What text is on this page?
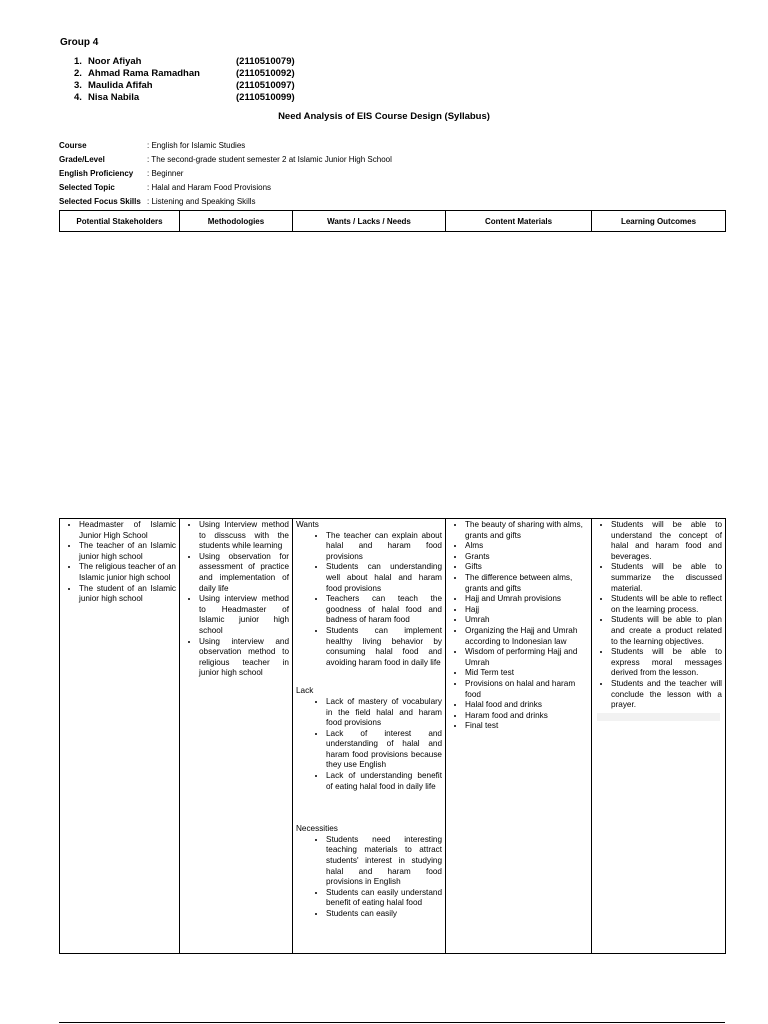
Group 4
1. Noor Afiyah	(2110510079)
2. Ahmad Rama Ramadhan	(2110510092)
3. Maulida Afifah	(2110510097)
4. Nisa Nabila	(2110510099)
Need Analysis of EIS Course Design (Syllabus)
Course	: English for Islamic Studies
Grade/Level	: The second-grade student semester 2 at Islamic Junior High School
English Proficiency	: Beginner
Selected Topic	: Halal and Haram Food Provisions
Selected Focus Skills : Listening and Speaking Skills
Potential Stakeholders	Methodologies	Wants / Lacks / Needs	Content Materials	Learning Outcomes
• Headmaster of Islamic Junior High School
• The teacher of an Islamic junior high school
• The religious teacher of an Islamic junior high school
• The student of an Islamic junior high school

• Using Interview method to disscuss with the students while learning
• Using observation for assessment of practice and implementation of daily life
• Using interview method to Headmaster of Islamic junior high school
• Using interview and observation method to religious teacher in junior high school

Wants
• The teacher can explain about halal and haram food provisions
• Students can understanding well about halal and haram food provisions
• Teachers can teach the goodness of halal food and badness of haram food
• Students can implement healthy living behavior by consuming halal food and avoiding haram food in daily life
Lack
• Lack of mastery of vocabulary in the field halal and haram food provisions
• Lack of interest and understanding of halal and haram food provisions because they use English
• Lack of understanding benefit of eating halal food in daily life
Necessities
• Students need interesting teaching materials to attract students' interest in studying halal and haram food provisions in English
• Students can easily understand benefit of eating halal food
• Students can easily

• The beauty of sharing with alms, grants and gifts
• Alms
• Grants
• Gifts
• The difference between alms, grants and gifts
• Hajj and Umrah provisions
• Hajj
• Umrah
• Organizing the Hajj and Umrah according to Indonesian law
• Wisdom of performing Hajj and Umrah
• Mid Term test
• Provisions on halal and haram food
• Halal food and drinks
• Haram food and drinks
• Final test

• Students will be able to understand the concept of halal and haram food and beverages.
• Students will be able to summarize the discussed material.
• Students will be able to reflect on the learning process.
• Students will be able to plan and create a product related to the learning objectives.
• Students will be able to express moral messages derived from the lesson.
• Students and the teacher will conclude the lesson with a prayer.
